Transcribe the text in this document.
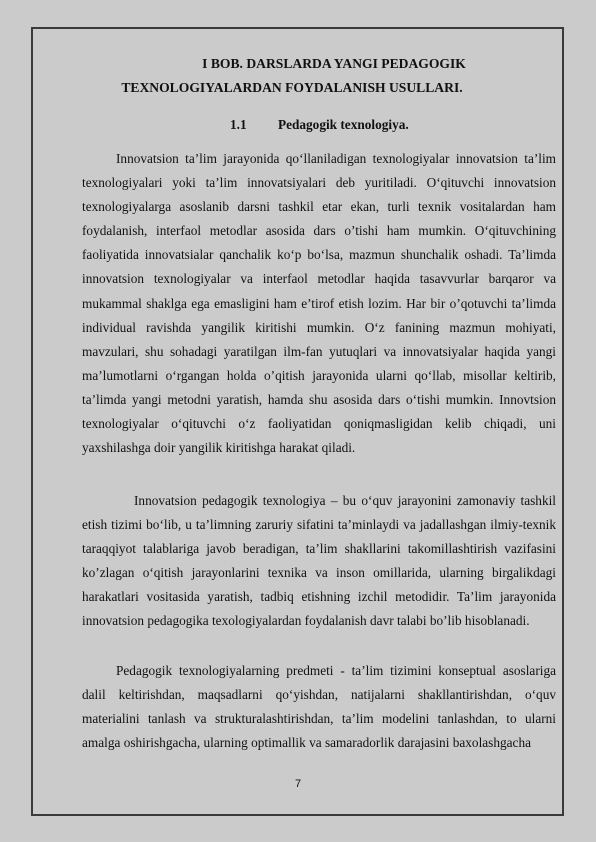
I BOB. DARSLARDA YANGI PEDAGOGIK
TEXNOLOGIYALARDAN FOYDALANISH USULLARI.
1.1 Pedagogik texnologiya.

Innovatsion ta’lim jarayonida qo‘llaniladigan texnologiyalar innovatsion ta’lim texnologiyalari yoki ta’lim innovatsiyalari deb yuritiladi. O‘qituvchi innovatsion texnologiyalarga asoslanib darsni tashkil etar ekan, turli texnik vositalardan ham foydalanish, interfaol metodlar asosida dars o’tishi ham mumkin. O‘qituvchining faoliyatida innovatsialar qanchalik ko‘p bo‘lsa, mazmun shunchalik oshadi. Ta’limda innovatsion texnologiyalar va interfaol metodlar haqida tasavvurlar barqaror va mukammal shaklga ega emasligini ham e’tirof etish lozim. Har bir o’qotuvchi ta’limda individual ravishda yangilik kiritishi mumkin. O‘z fanining mazmun mohiyati, mavzulari, shu sohadagi yaratilgan ilm-fan yutuqlari va innovatsiyalar haqida yangi ma’lumotlarni o‘rgangan holda o’qitish jarayonida ularni qo‘llab, misollar keltirib, ta’limda yangi metodni yaratish, hamda shu asosida dars o‘tishi mumkin. Innovtsion texnologiyalar o‘qituvchi o‘z faoliyatidan qoniqmasligidan kelib chiqadi, uni yaxshilashga doir yangilik kiritishga harakat qiladi.

Innovatsion pedagogik texnologiya – bu o‘quv jarayonini zamonaviy tashkil etish tizimi bo‘lib, u ta’limning zaruriy sifatini ta’minlaydi va jadallashgan ilmiy-texnik taraqqiyot talablariga javob beradigan, ta’lim shakllarini takomillashtirish vazifasini ko’zlagan o‘qitish jarayonlarini texnika va inson omillarida, ularning birgalikdagi harakatlari vositasida yaratish, tadbiq etishning izchil metodidir. Ta’lim jarayonida innovatsion pedagogika texologiyalardan foydalanish davr talabi bo’lib hisoblanadi.

Pedagogik texnologiyalarning predmeti - ta’lim tizimini konseptual asoslariga dalil keltirishdan, maqsadlarni qo‘yishdan, natijalarni shakllantirishdan, o‘quv materialini tanlash va strukturalashtirishdan, ta’lim modelini tanlashdan, to ularni amalga oshirishgacha, ularning optimallik va samaradorlik darajasini baxolashgacha

7
